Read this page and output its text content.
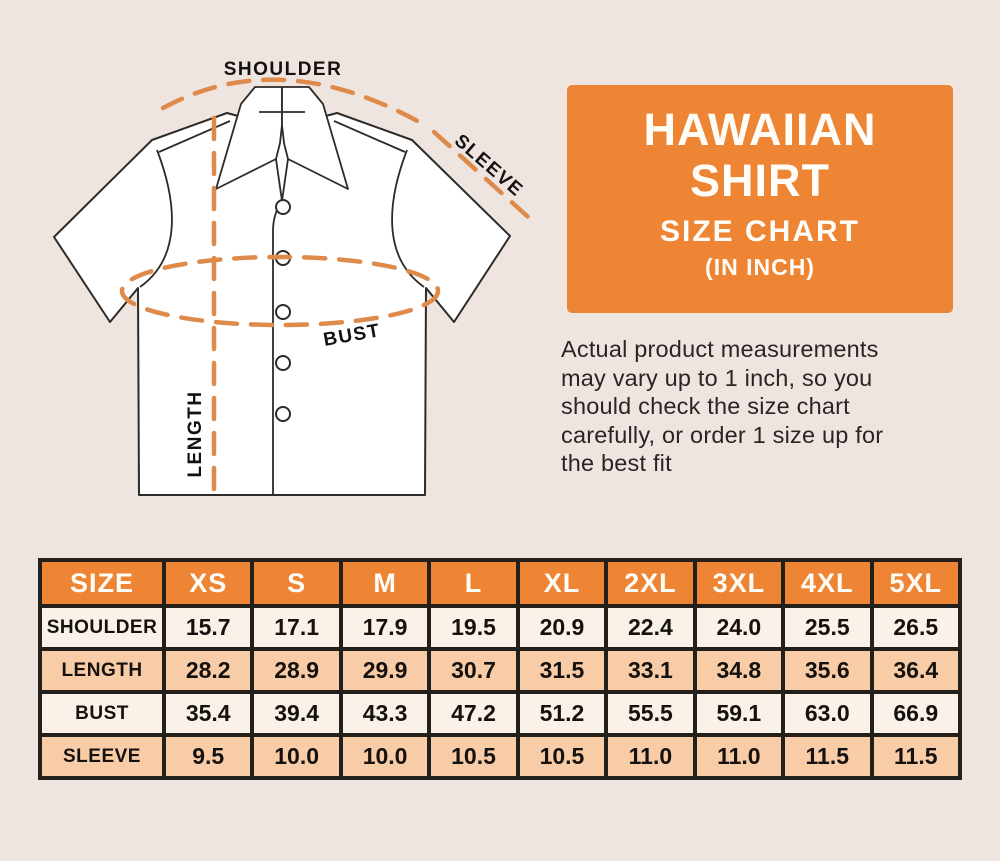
SHOULDER
SLEEVE
BUST
LENGTH
HAWAIIAN
SHIRT
SIZE CHART
(IN INCH)
Actual product measurements
may vary up to 1 inch, so you
should check the size chart
carefully, or order 1 size up for
the best fit
SIZE	XS	S	M	L	XL	2XL	3XL	4XL	5XL
SHOULDER	15.7	17.1	17.9	19.5	20.9	22.4	24.0	25.5	26.5
LENGTH	28.2	28.9	29.9	30.7	31.5	33.1	34.8	35.6	36.4
BUST	35.4	39.4	43.3	47.2	51.2	55.5	59.1	63.0	66.9
SLEEVE	9.5	10.0	10.0	10.5	10.5	11.0	11.0	11.5	11.5
